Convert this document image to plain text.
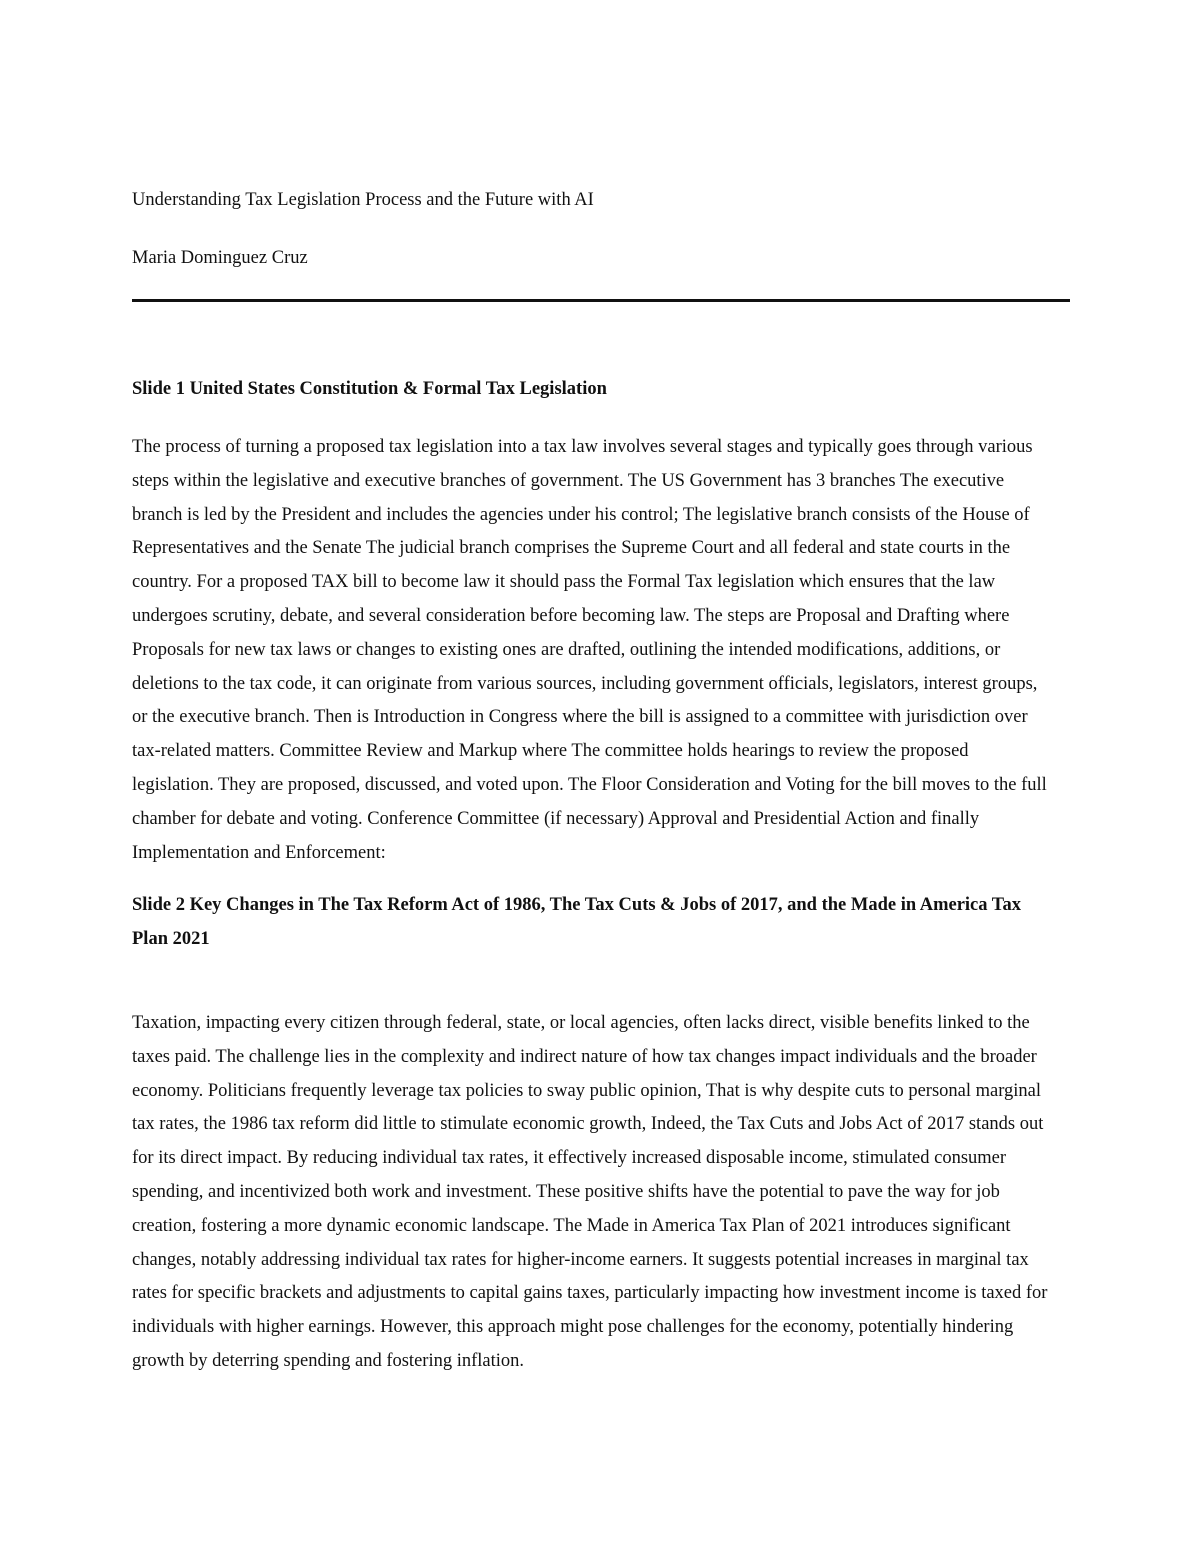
Understanding Tax Legislation Process and the Future with AI
Maria Dominguez Cruz
Slide 1 United States Constitution & Formal Tax Legislation
The process of turning a proposed tax legislation into a tax law involves several stages and typically goes through various steps within the legislative and executive branches of government. The US Government has 3 branches The executive branch is led by the President and includes the agencies under his control; The legislative branch consists of the House of Representatives and the Senate The judicial branch comprises the Supreme Court and all federal and state courts in the country. For a proposed TAX bill to become law it should pass the Formal Tax legislation which ensures that the law undergoes scrutiny, debate, and several consideration before becoming law. The steps are Proposal and Drafting where Proposals for new tax laws or changes to existing ones are drafted, outlining the intended modifications, additions, or deletions to the tax code, it can originate from various sources, including government officials, legislators, interest groups, or the executive branch. Then is Introduction in Congress where the bill is assigned to a committee with jurisdiction over tax-related matters. Committee Review and Markup where The committee holds hearings to review the proposed legislation. They are proposed, discussed, and voted upon. The Floor Consideration and Voting for the bill moves to the full chamber for debate and voting. Conference Committee (if necessary) Approval and Presidential Action and finally Implementation and Enforcement:
Slide 2 Key Changes in The Tax Reform Act of 1986, The Tax Cuts & Jobs of 2017, and the Made in America Tax Plan 2021
Taxation, impacting every citizen through federal, state, or local agencies, often lacks direct, visible benefits linked to the taxes paid. The challenge lies in the complexity and indirect nature of how tax changes impact individuals and the broader economy. Politicians frequently leverage tax policies to sway public opinion, That is why despite cuts to personal marginal tax rates, the 1986 tax reform did little to stimulate economic growth, Indeed, the Tax Cuts and Jobs Act of 2017 stands out for its direct impact. By reducing individual tax rates, it effectively increased disposable income, stimulated consumer spending, and incentivized both work and investment. These positive shifts have the potential to pave the way for job creation, fostering a more dynamic economic landscape. The Made in America Tax Plan of 2021 introduces significant changes, notably addressing individual tax rates for higher-income earners. It suggests potential increases in marginal tax rates for specific brackets and adjustments to capital gains taxes, particularly impacting how investment income is taxed for individuals with higher earnings. However, this approach might pose challenges for the economy, potentially hindering growth by deterring spending and fostering inflation.
